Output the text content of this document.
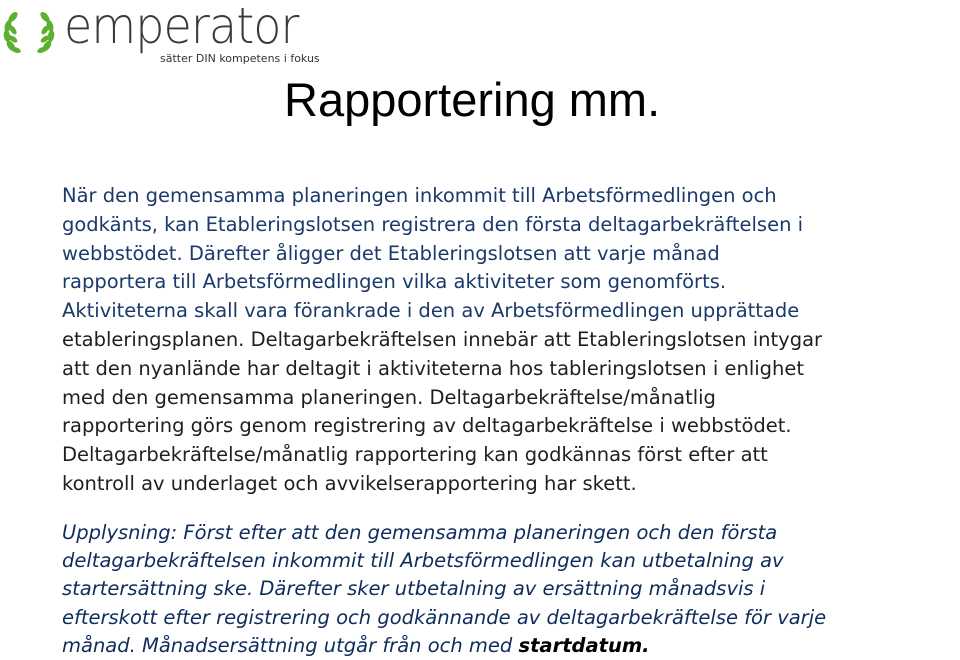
emperator
sätter DIN kompetens i fokus
Rapportering mm.
När den gemensamma planeringen inkommit till Arbetsförmedlingen och
godkänts, kan Etableringslotsen registrera den första deltagarbekräftelsen i
webbstödet. Därefter åligger det Etableringslotsen att varje månad
rapportera till Arbetsförmedlingen vilka aktiviteter som genomförts.
Aktiviteterna skall vara förankrade i den av Arbetsförmedlingen upprättade
etableringsplanen. Deltagarbekräftelsen innebär att Etableringslotsen intygar
att den nyanlände har deltagit i aktiviteterna hos tableringslotsen i enlighet
med den gemensamma planeringen. Deltagarbekräftelse/månatlig
rapportering görs genom registrering av deltagarbekräftelse i webbstödet.
Deltagarbekräftelse/månatlig rapportering kan godkännas först efter att
kontroll av underlaget och avvikelserapportering har skett.
Upplysning: Först efter att den gemensamma planeringen och den första
deltagarbekräftelsen inkommit till Arbetsförmedlingen kan utbetalning av
startersättning ske. Därefter sker utbetalning av ersättning månadsvis i
efterskott efter registrering och godkännande av deltagarbekräftelse för varje
månad. Månadsersättning utgår från och med startdatum.
